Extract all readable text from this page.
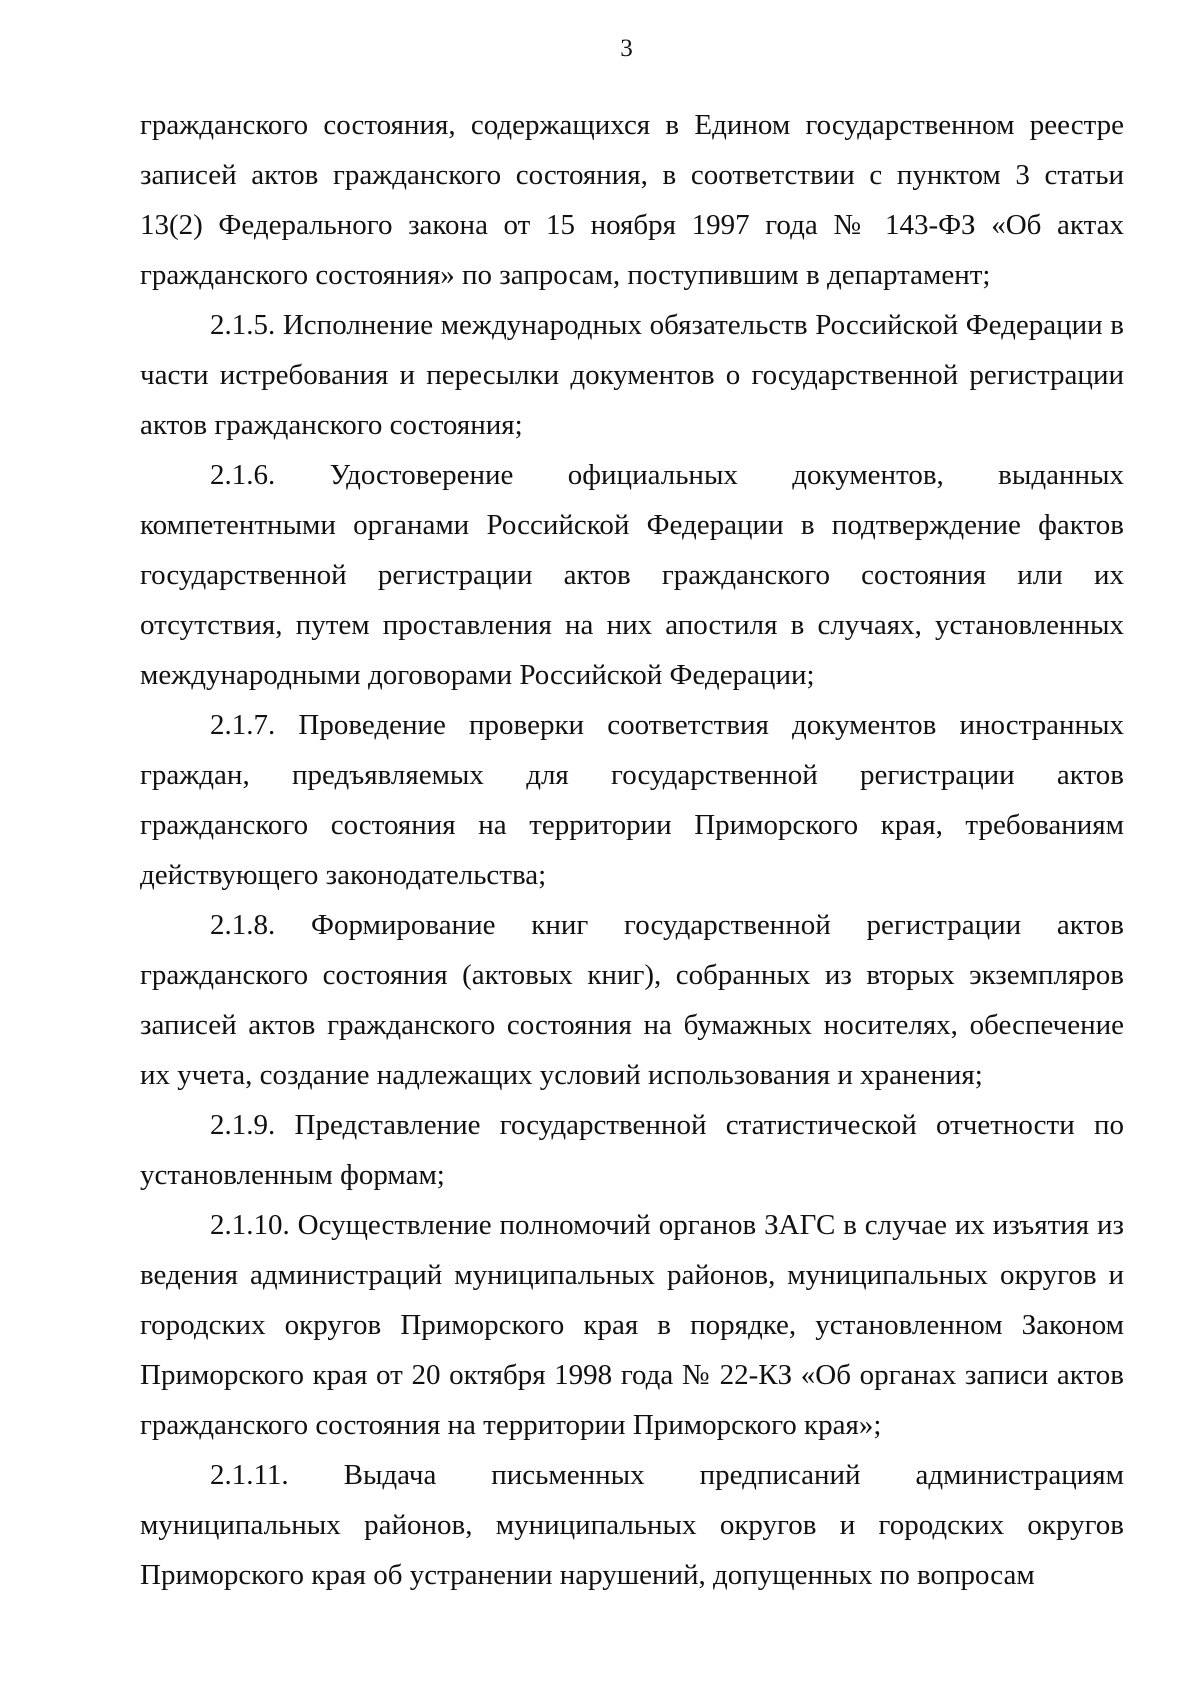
3

гражданского состояния, содержащихся в Едином государственном реестре записей актов гражданского состояния, в соответствии с пунктом 3 статьи 13(2) Федерального закона от 15 ноября 1997 года № 143-ФЗ «Об актах гражданского состояния» по запросам, поступившим в департамент;

2.1.5. Исполнение международных обязательств Российской Федерации в части истребования и пересылки документов о государственной регистрации актов гражданского состояния;

2.1.6. Удостоверение официальных документов, выданных компетентными органами Российской Федерации в подтверждение фактов государственной регистрации актов гражданского состояния или их отсутствия, путем проставления на них апостиля в случаях, установленных международными договорами Российской Федерации;

2.1.7. Проведение проверки соответствия документов иностранных граждан, предъявляемых для государственной регистрации актов гражданского состояния на территории Приморского края, требованиям действующего законодательства;

2.1.8. Формирование книг государственной регистрации актов гражданского состояния (актовых книг), собранных из вторых экземпляров записей актов гражданского состояния на бумажных носителях, обеспечение их учета, создание надлежащих условий использования и хранения;

2.1.9. Представление государственной статистической отчетности по установленным формам;

2.1.10. Осуществление полномочий органов ЗАГС в случае их изъятия из ведения администраций муниципальных районов, муниципальных округов и городских округов Приморского края в порядке, установленном Законом Приморского края от 20 октября 1998 года № 22-КЗ «Об органах записи актов гражданского состояния на территории Приморского края»;

2.1.11. Выдача письменных предписаний администрациям муниципальных районов, муниципальных округов и городских округов Приморского края об устранении нарушений, допущенных по вопросам
